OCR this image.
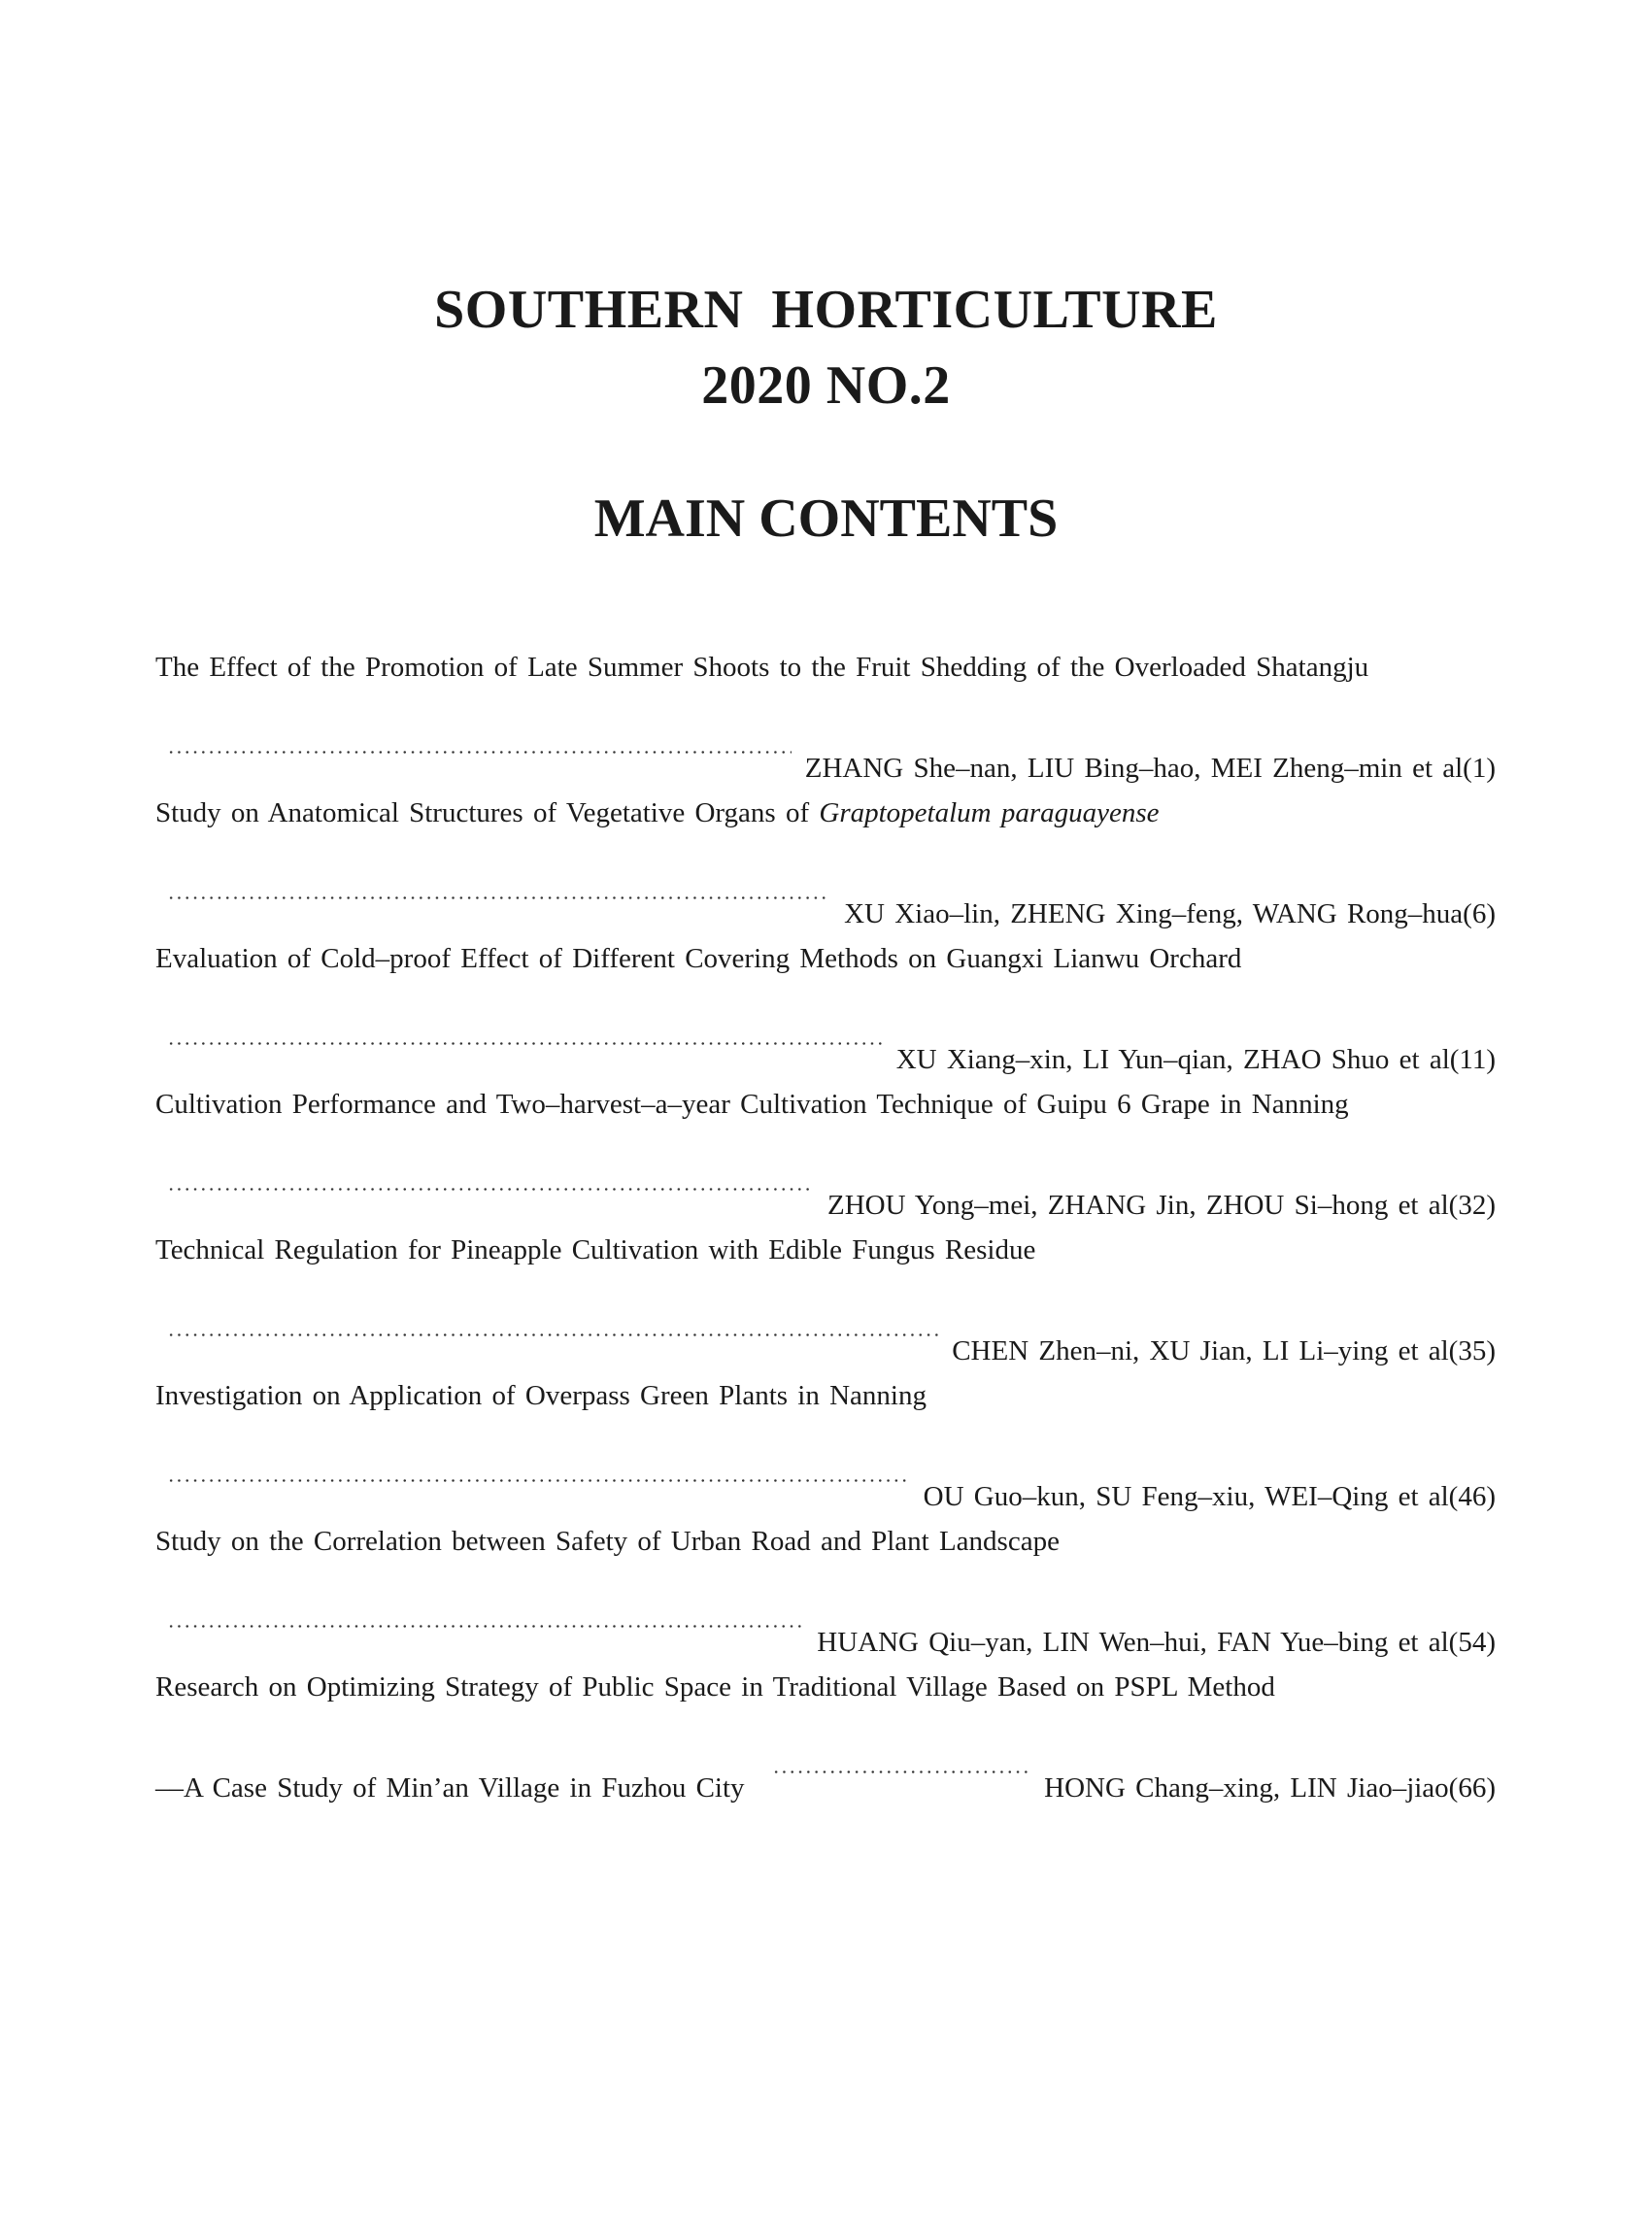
SOUTHERN  HORTICULTURE
2020 NO.2
MAIN CONTENTS
The Effect of the Promotion of Late Summer Shoots to the Fruit Shedding of the Overloaded Shatangju
ZHANG She–nan, LIU Bing–hao, MEI Zheng–min et al(1)
Study on Anatomical Structures of Vegetative Organs of Graptopetalum paraguayense
XU Xiao–lin, ZHENG Xing–feng, WANG Rong–hua(6)
Evaluation of Cold–proof Effect of Different Covering Methods on Guangxi Lianwu Orchard
XU Xiang–xin, LI Yun–qian, ZHAO Shuo et al(11)
Cultivation Performance and Two–harvest–a–year Cultivation Technique of Guipu 6 Grape in Nanning
ZHOU Yong–mei, ZHANG Jin, ZHOU Si–hong et al(32)
Technical Regulation for Pineapple Cultivation with Edible Fungus Residue
CHEN Zhen–ni, XU Jian, LI Li–ying et al(35)
Investigation on Application of Overpass Green Plants in Nanning
OU Guo–kun, SU Feng–xiu, WEI–Qing et al(46)
Study on the Correlation between Safety of Urban Road and Plant Landscape
HUANG Qiu–yan, LIN Wen–hui, FAN Yue–bing et al(54)
Research on Optimizing Strategy of Public Space in Traditional Village Based on PSPL Method
––A Case Study of Min’an Village in Fuzhou City	HONG Chang–xing, LIN Jiao–jiao(66)
